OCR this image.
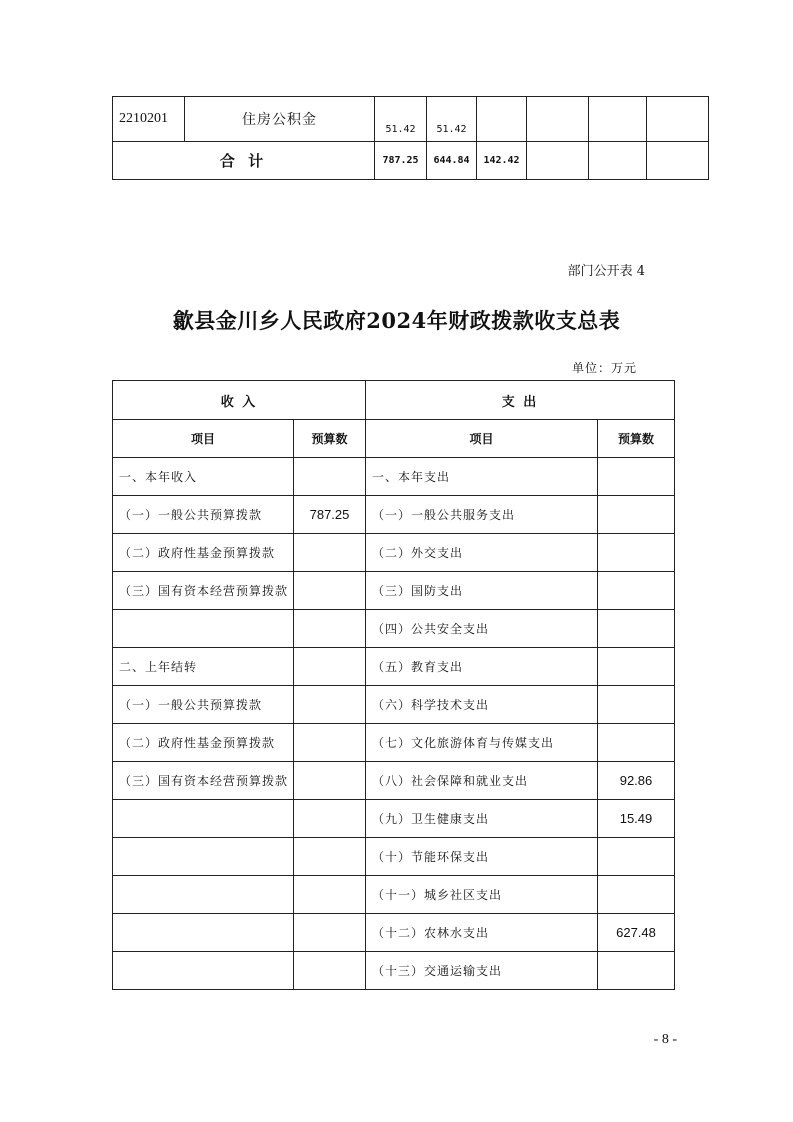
2210201	住房公积金	51.42	51.42				
合 计		787.25	644.84	142.42			
部门公开表 4
歙县金川乡人民政府2024年财政拨款收支总表
单位：万元
收 入		支 出	
项目	预算数	项目	预算数
一、本年收入		一、本年支出	
（一）一般公共预算拨款	787.25	（一）一般公共服务支出	
（二）政府性基金预算拨款		（二）外交支出	
（三）国有资本经营预算拨款		（三）国防支出	
		（四）公共安全支出	
二、上年结转		（五）教育支出	
（一）一般公共预算拨款		（六）科学技术支出	
（二）政府性基金预算拨款		（七）文化旅游体育与传媒支出	
（三）国有资本经营预算拨款		（八）社会保障和就业支出	92.86
		（九）卫生健康支出	15.49
		（十）节能环保支出	
		（十一）城乡社区支出	
		（十二）农林水支出	627.48
		（十三）交通运输支出	
- 8 -
